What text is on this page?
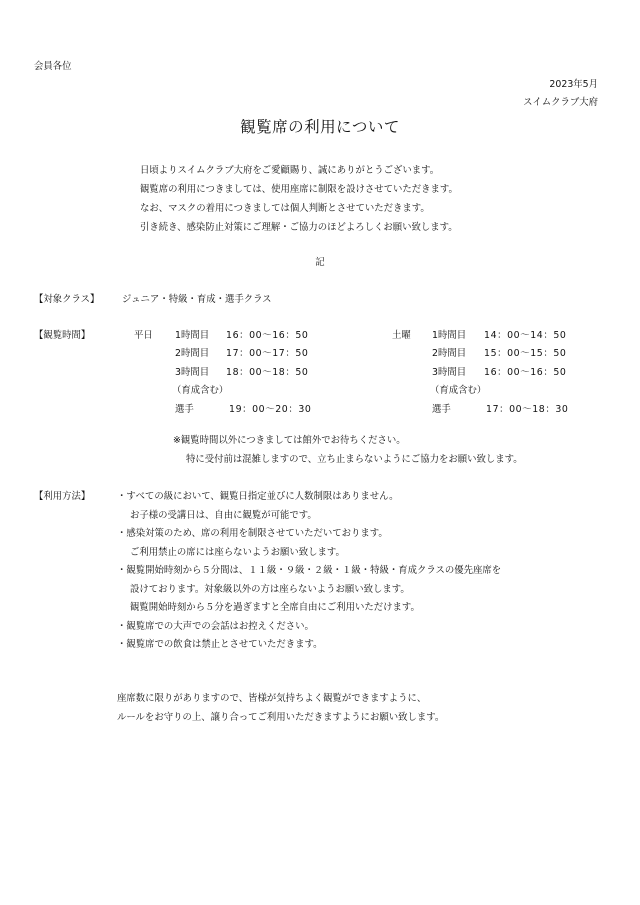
会員各位
2023年5月
スイムクラブ大府
観覧席の利用について
日頃よりスイムクラブ大府をご愛顧賜り、誠にありがとうございます。
観覧席の利用につきましては、使用座席に制限を設けさせていただきます。
なお、マスクの着用につきましては個人判断とさせていただきます。
引き続き、感染防止対策にご理解・ご協力のほどよろしくお願い致します。
記
【対象クラス】 ジュニア・特級・育成・選手クラス
【観覧時間】	平日 1時間目 16：00～16：50
2時間目 17：00～17：50
3時間目 18：00～18：50
（育成含む）
選手	19：00～20：30
土曜 1時間目 14：00～14：50
2時間目 15：00～15：50
3時間目 16：00～16：50
（育成含む）
選手	17：00～18：30
※観覧時間以外につきましては館外でお待ちください。
特に受付前は混雑しますので、立ち止まらないようにご協力をお願い致します。
【利用方法】	・すべての級において、観覧日指定並びに人数制限はありません。
お子様の受講日は、自由に観覧が可能です。
・感染対策のため、席の利用を制限させていただいております。
ご利用禁止の席には座らないようお願い致します。
・観覧開始時刻から５分間は、１１級・９級・２級・１級・特級・育成クラスの優先座席を
設けております。対象級以外の方は座らないようお願い致します。
観覧開始時刻から５分を過ぎますと全席自由にご利用いただけます。
・観覧席での大声での会話はお控えください。
・観覧席での飲食は禁止とさせていただきます。
座席数に限りがありますので、皆様が気持ちよく観覧ができますように、
ルールをお守りの上、譲り合ってご利用いただきますようにお願い致します。
